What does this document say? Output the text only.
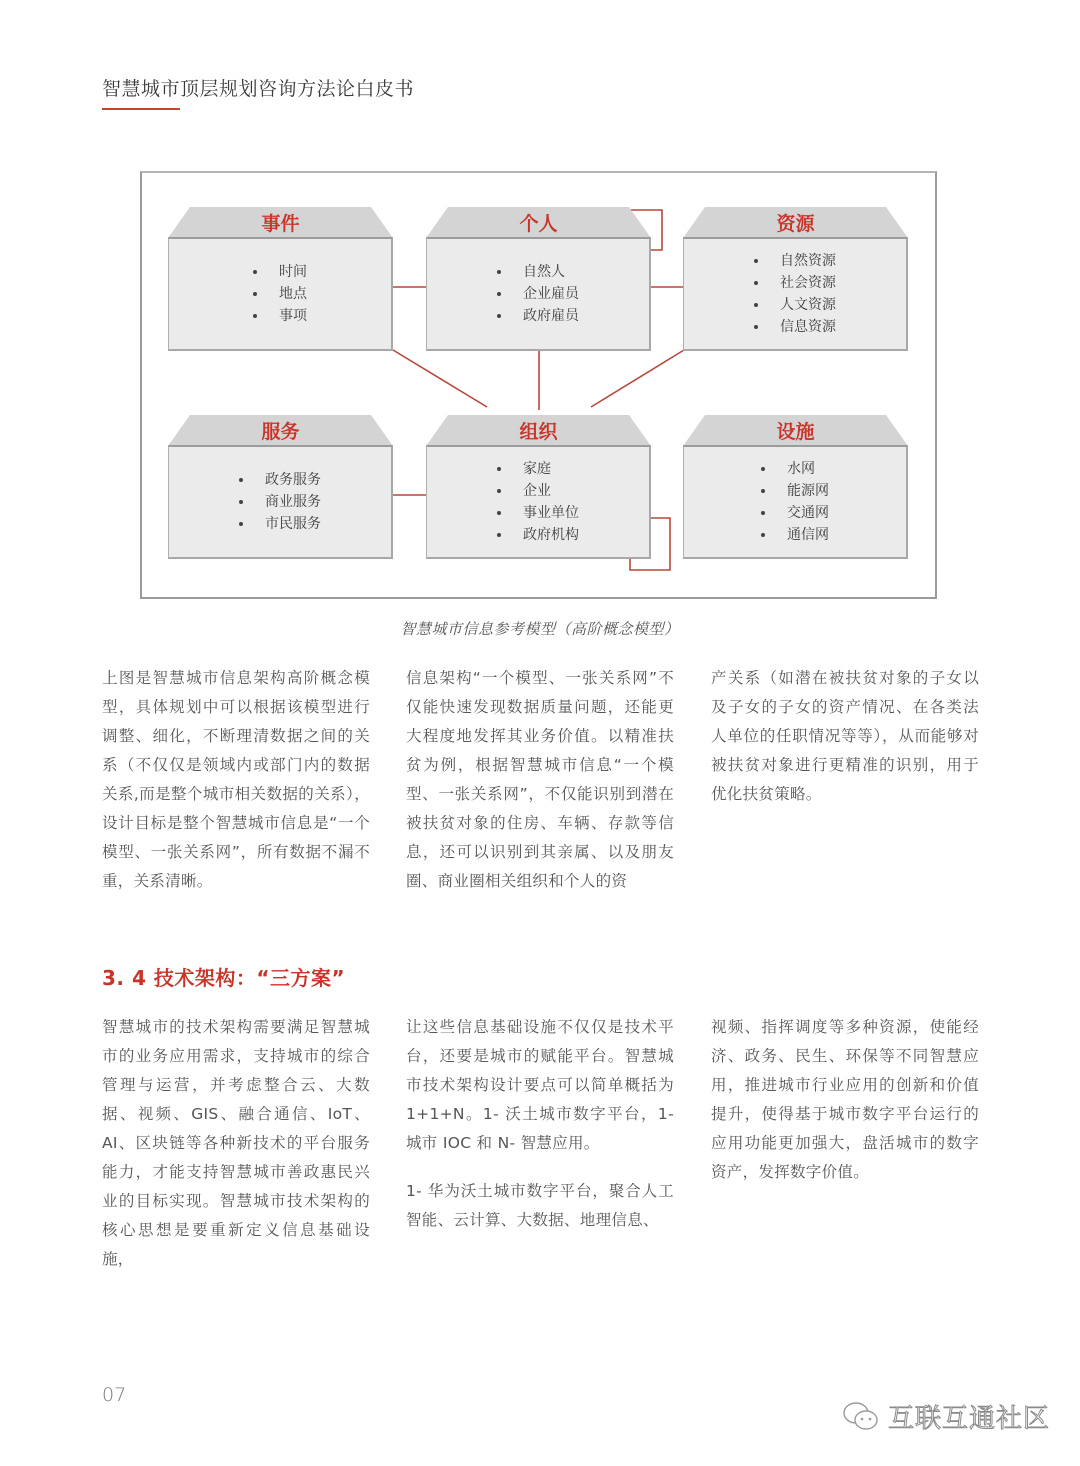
智慧城市顶层规划咨询方法论白皮书
事件
时间
地点
事项
个人
自然人
企业雇员
政府雇员
资源
自然资源
社会资源
人文资源
信息资源
服务
政务服务
商业服务
市民服务
组织
家庭
企业
事业单位
政府机构
设施
水网
能源网
交通网
通信网
智慧城市信息参考模型（高阶概念模型）

上图是智慧城市信息架构高阶概念模型，具体规划中可以根据该模型进行调整、细化，不断理清数据之间的关系（不仅仅是领域内或部门内的数据关系,而是整个城市相关数据的关系），设计目标是整个智慧城市信息是“一个模型、一张关系网”，所有数据不漏不重，关系清晰。

信息架构“一个模型、一张关系网”不仅能快速发现数据质量问题，还能更大程度地发挥其业务价值。以精准扶贫为例，根据智慧城市信息“一个模型、一张关系网”，不仅能识别到潜在被扶贫对象的住房、车辆、存款等信息，还可以识别到其亲属、以及朋友圈、商业圈相关组织和个人的资

产关系（如潜在被扶贫对象的子女以及子女的子女的资产情况、在各类法人单位的任职情况等等），从而能够对被扶贫对象进行更精准的识别，用于优化扶贫策略。

3. 4 技术架构：“三方案”

智慧城市的技术架构需要满足智慧城市的业务应用需求，支持城市的综合管理与运营，并考虑整合云、大数据、视频、GIS、融合通信、IoT、AI、区块链等各种新技术的平台服务能力，才能支持智慧城市善政惠民兴业的目标实现。智慧城市技术架构的核心思想是要重新定义信息基础设施，

让这些信息基础设施不仅仅是技术平台，还要是城市的赋能平台。智慧城市技术架构设计要点可以简单概括为1+1+N。1- 沃土城市数字平台，1- 城市 IOC 和 N- 智慧应用。

1- 华为沃土城市数字平台，聚合人工智能、云计算、大数据、地理信息、

视频、指挥调度等多种资源，使能经济、政务、民生、环保等不同智慧应用，推进城市行业应用的创新和价值提升，使得基于城市数字平台运行的应用功能更加强大，盘活城市的数字资产，发挥数字价值。

07
互联互通社区
